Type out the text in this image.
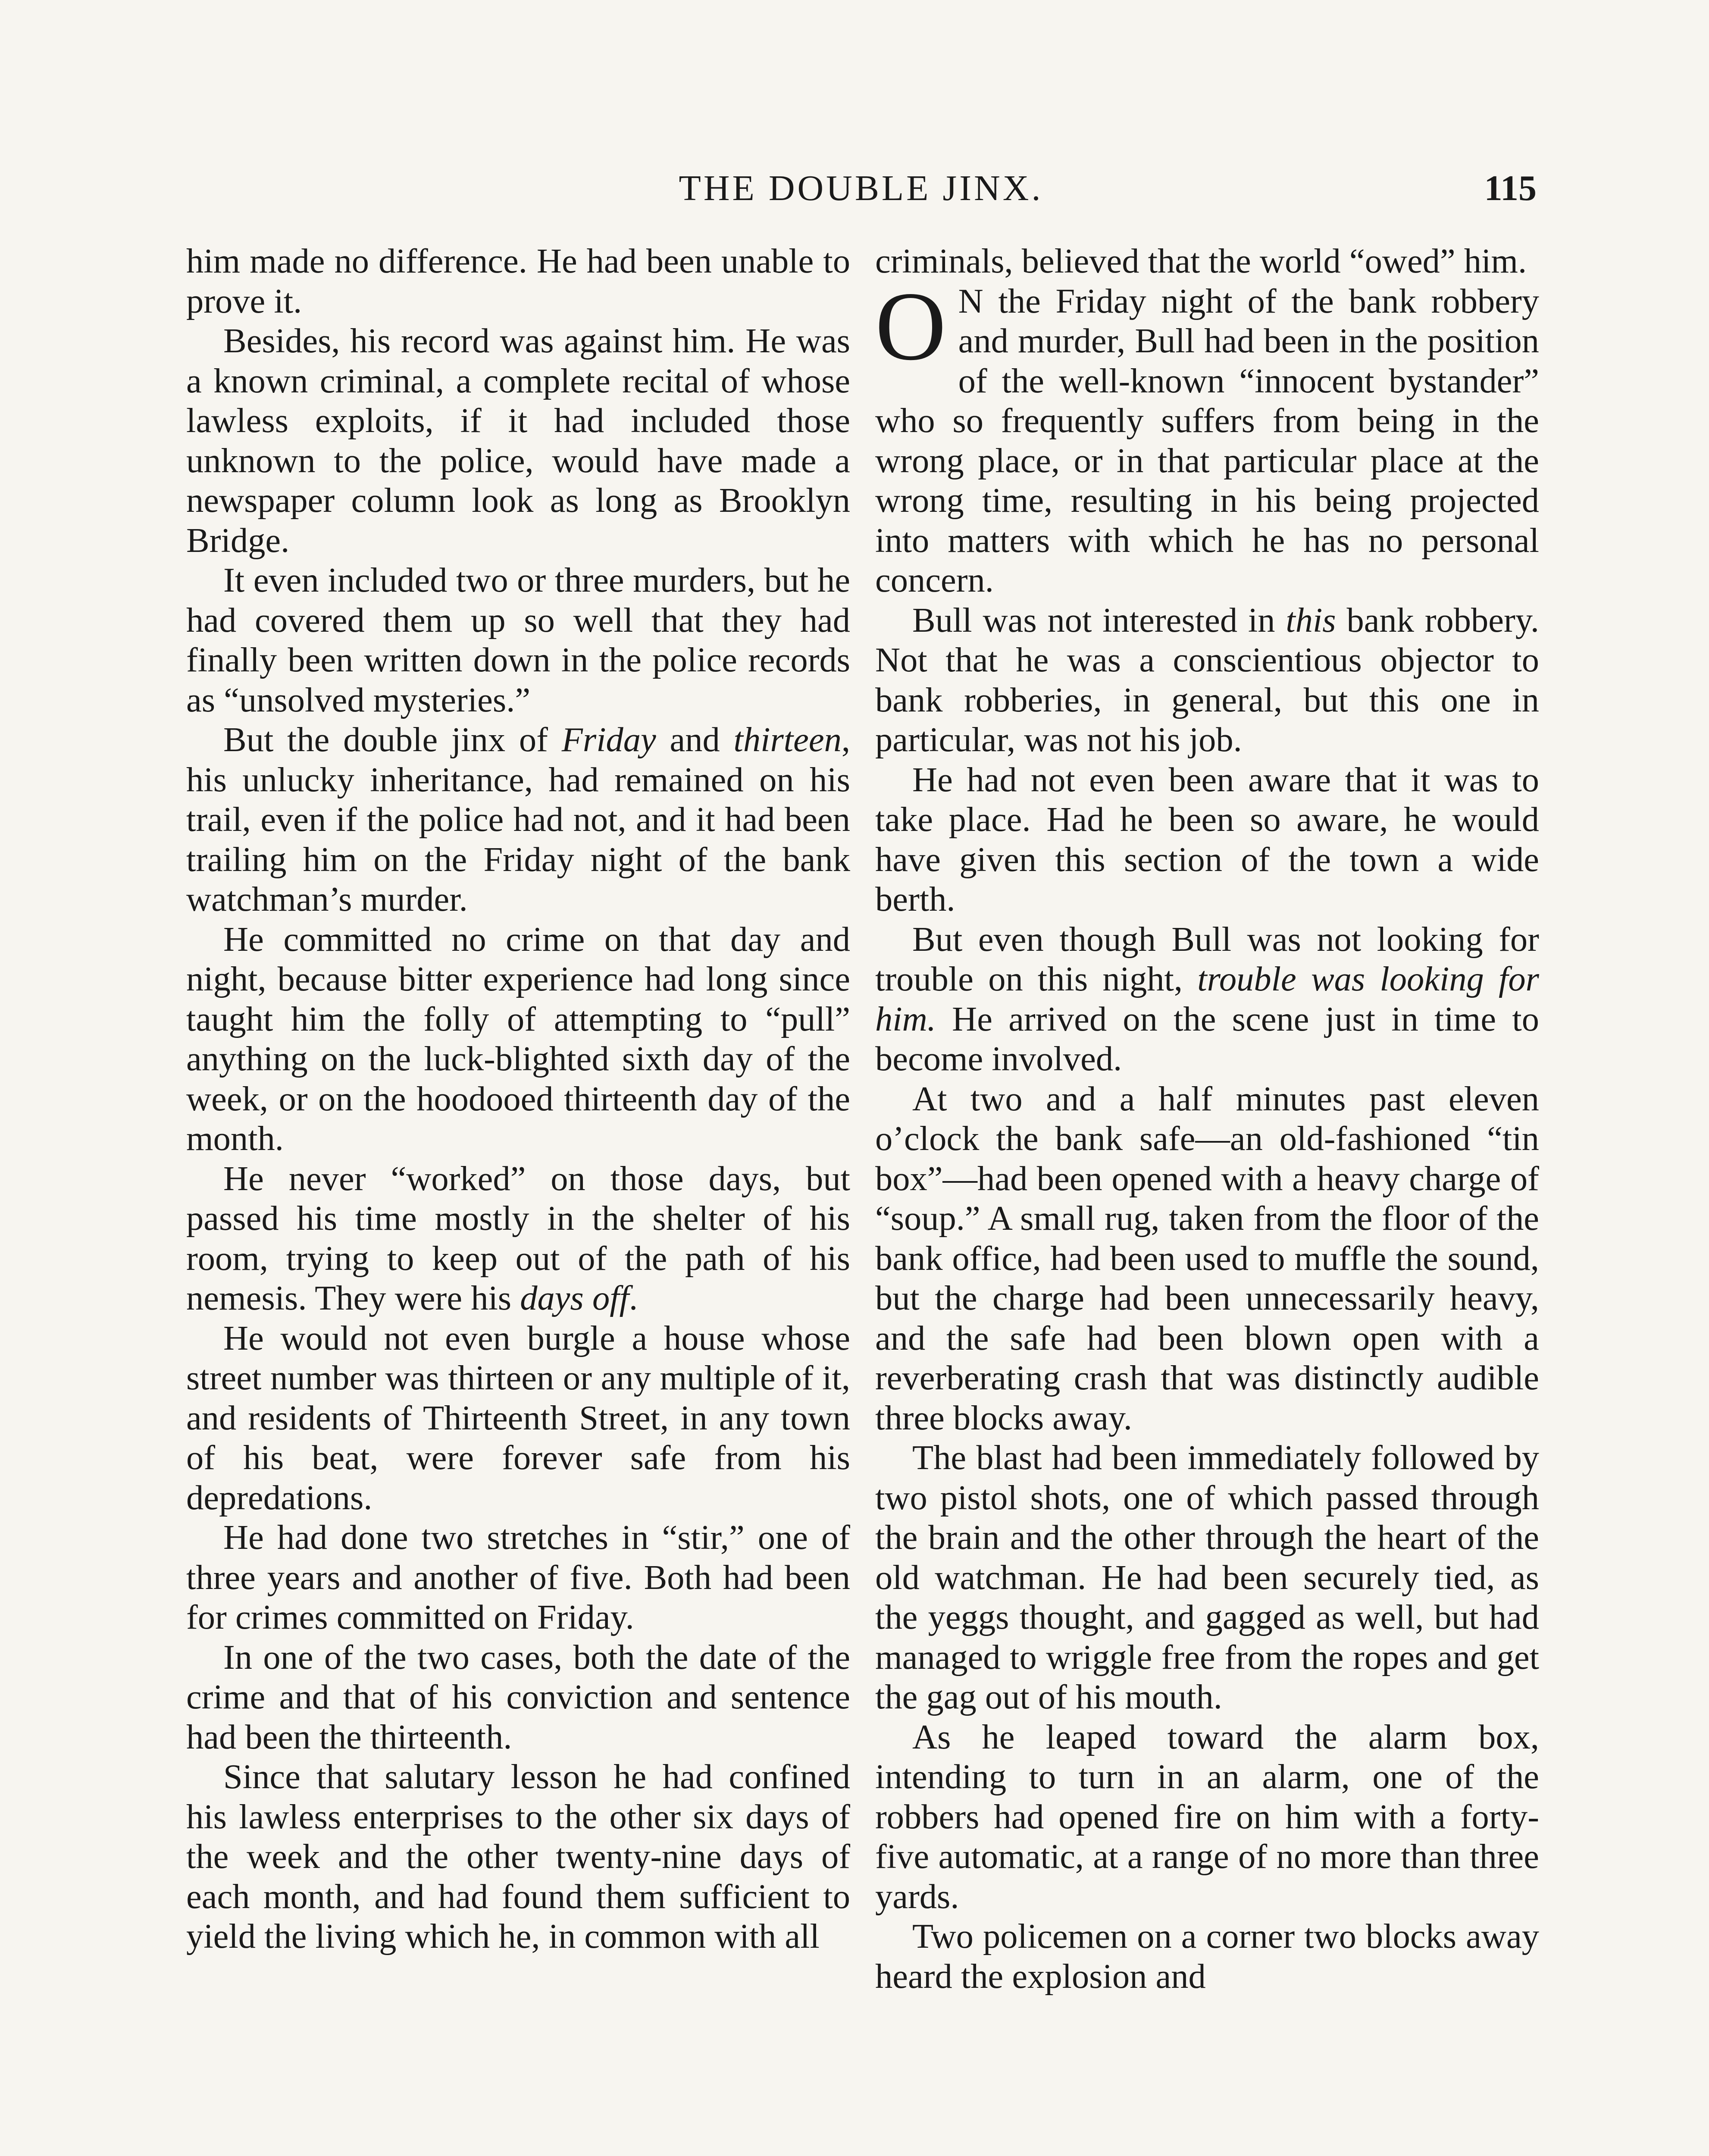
THE DOUBLE JINX.	115

him made no difference. He had been unable to prove it.

Besides, his record was against him. He was a known criminal, a complete recital of whose lawless exploits, if it had included those unknown to the police, would have made a newspaper column look as long as Brooklyn Bridge.

It even included two or three murders, but he had covered them up so well that they had finally been written down in the police records as “unsolved mysteries.”

But the double jinx of Friday and thirteen, his unlucky inheritance, had remained on his trail, even if the police had not, and it had been trailing him on the Friday night of the bank watchman’s murder.

He committed no crime on that day and night, because bitter experience had long since taught him the folly of attempting to “pull” anything on the luck-blighted sixth day of the week, or on the hoodooed thirteenth day of the month.

He never “worked” on those days, but passed his time mostly in the shelter of his room, trying to keep out of the path of his nemesis. They were his days off.

He would not even burgle a house whose street number was thirteen or any multiple of it, and residents of Thirteenth Street, in any town of his beat, were forever safe from his depredations.

He had done two stretches in “stir,” one of three years and another of five. Both had been for crimes committed on Friday.

In one of the two cases, both the date of the crime and that of his conviction and sentence had been the thirteenth.

Since that salutary lesson he had confined his lawless enterprises to the other six days of the week and the other twenty-nine days of each month, and had found them sufficient to yield the living which he, in common with all

criminals, believed that the world “owed” him.

O N the Friday night of the bank robbery and murder, Bull had been in the position of the well-known “innocent bystander” who so frequently suffers from being in the wrong place, or in that particular place at the wrong time, resulting in his being projected into matters with which he has no personal concern.

Bull was not interested in this bank robbery. Not that he was a conscientious objector to bank robberies, in general, but this one in particular, was not his job.

He had not even been aware that it was to take place. Had he been so aware, he would have given this section of the town a wide berth.

But even though Bull was not looking for trouble on this night, trouble was looking for him. He arrived on the scene just in time to become involved.

At two and a half minutes past eleven o’clock the bank safe—an old-fashioned “tin box”—had been opened with a heavy charge of “soup.” A small rug, taken from the floor of the bank office, had been used to muffle the sound, but the charge had been unnecessarily heavy, and the safe had been blown open with a reverberating crash that was distinctly audible three blocks away.

The blast had been immediately followed by two pistol shots, one of which passed through the brain and the other through the heart of the old watchman. He had been securely tied, as the yeggs thought, and gagged as well, but had managed to wriggle free from the ropes and get the gag out of his mouth.

As he leaped toward the alarm box, intending to turn in an alarm, one of the robbers had opened fire on him with a forty-five automatic, at a range of no more than three yards.

Two policemen on a corner two blocks away heard the explosion and
